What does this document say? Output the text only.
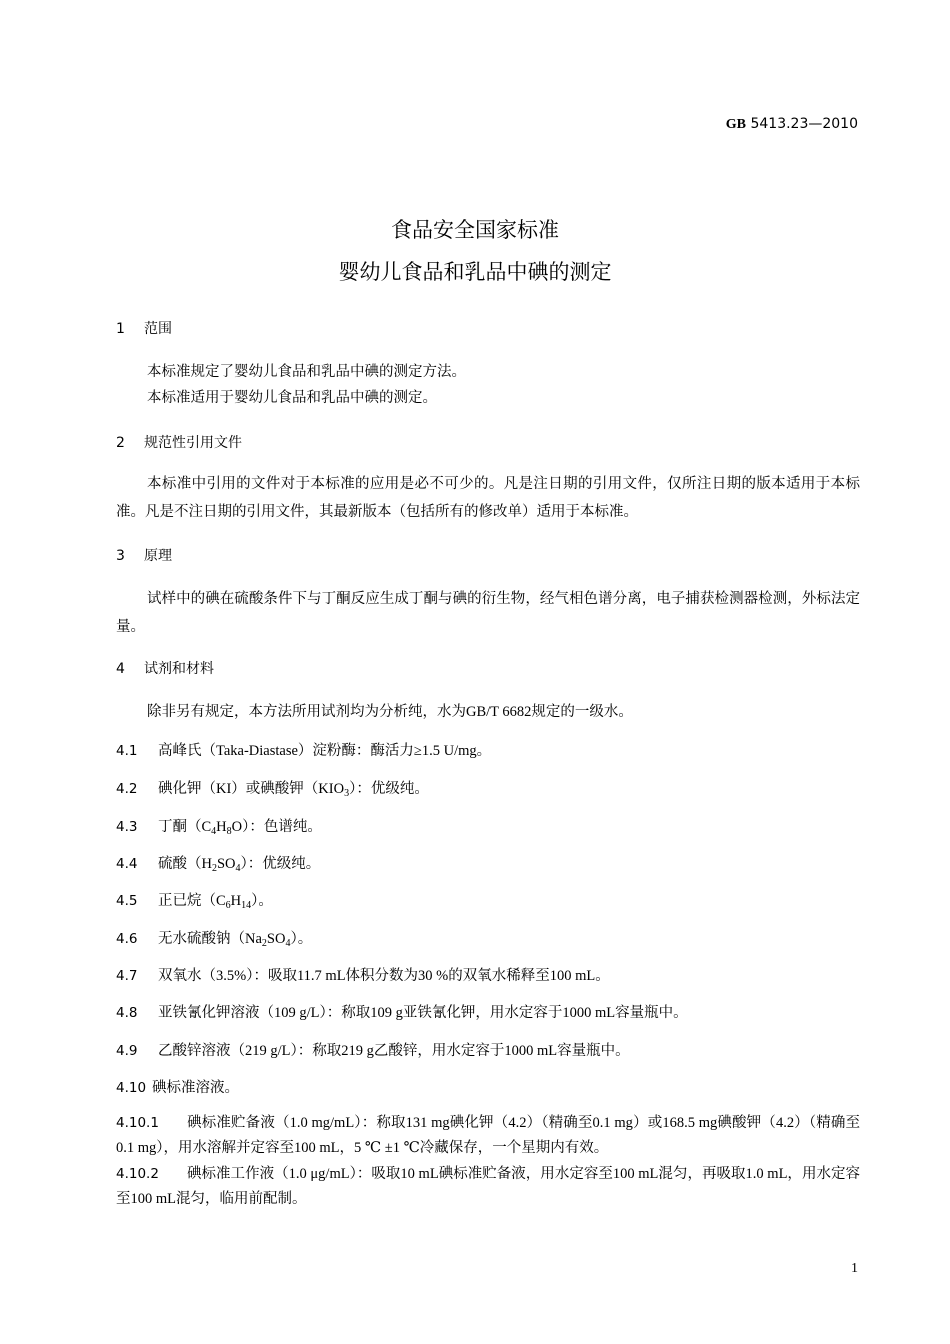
GB 5413.23—2010

食品安全国家标准

婴幼儿食品和乳品中碘的测定

1 范围

本标准规定了婴幼儿食品和乳品中碘的测定方法。

本标准适用于婴幼儿食品和乳品中碘的测定。

2 规范性引用文件

本标准中引用的文件对于本标准的应用是必不可少的。凡是注日期的引用文件，仅所注日期的版本适用于本标准。凡是不注日期的引用文件，其最新版本（包括所有的修改单）适用于本标准。

3 原理

试样中的碘在硫酸条件下与丁酮反应生成丁酮与碘的衍生物，经气相色谱分离，电子捕获检测器检测，外标法定量。

4 试剂和材料

除非另有规定，本方法所用试剂均为分析纯，水为GB/T 6682规定的一级水。

4.1 高峰氏（Taka-Diastase）淀粉酶：酶活力≥1.5 U/mg。

4.2 碘化钾（KI）或碘酸钾$(KIO_3)$：优级纯。

4.3 丁酮$(C_4H_8O)$：色谱纯。

4.4 硫酸$(H_2SO_4)$：优级纯。

4.5 正已烷$(C_6H_{14})$。

4.6 无水硫酸钠$(Na_2SO_4)$。

4.7 双氧水（3.5%）：吸取11.7 mL体积分数为30 %的双氧水稀释至100 mL。

4.8 亚铁氰化钾溶液（109 g/L）：称取109 g亚铁氰化钾，用水定容于1000 mL容量瓶中。

4.9 乙酸锌溶液（219 g/L）：称取219 g乙酸锌，用水定容于1000 mL容量瓶中。

4.10 碘标准溶液。

4.10.1 碘标准贮备液（1.0 mg/mL）：称取131 mg碘化钾（4.2）（精确至0.1 mg）或168.5 mg碘酸钾（4.2）（精确至0.1 mg），用水溶解并定容至100 mL，5 ℃ ±1 ℃冷藏保存，一个星期内有效。

4.10.2 碘标准工作液（1.0 μg/mL）：吸取10 mL碘标准贮备液，用水定容至100 mL混匀，再吸取1.0 mL，用水定容至100 mL混匀，临用前配制。

1
